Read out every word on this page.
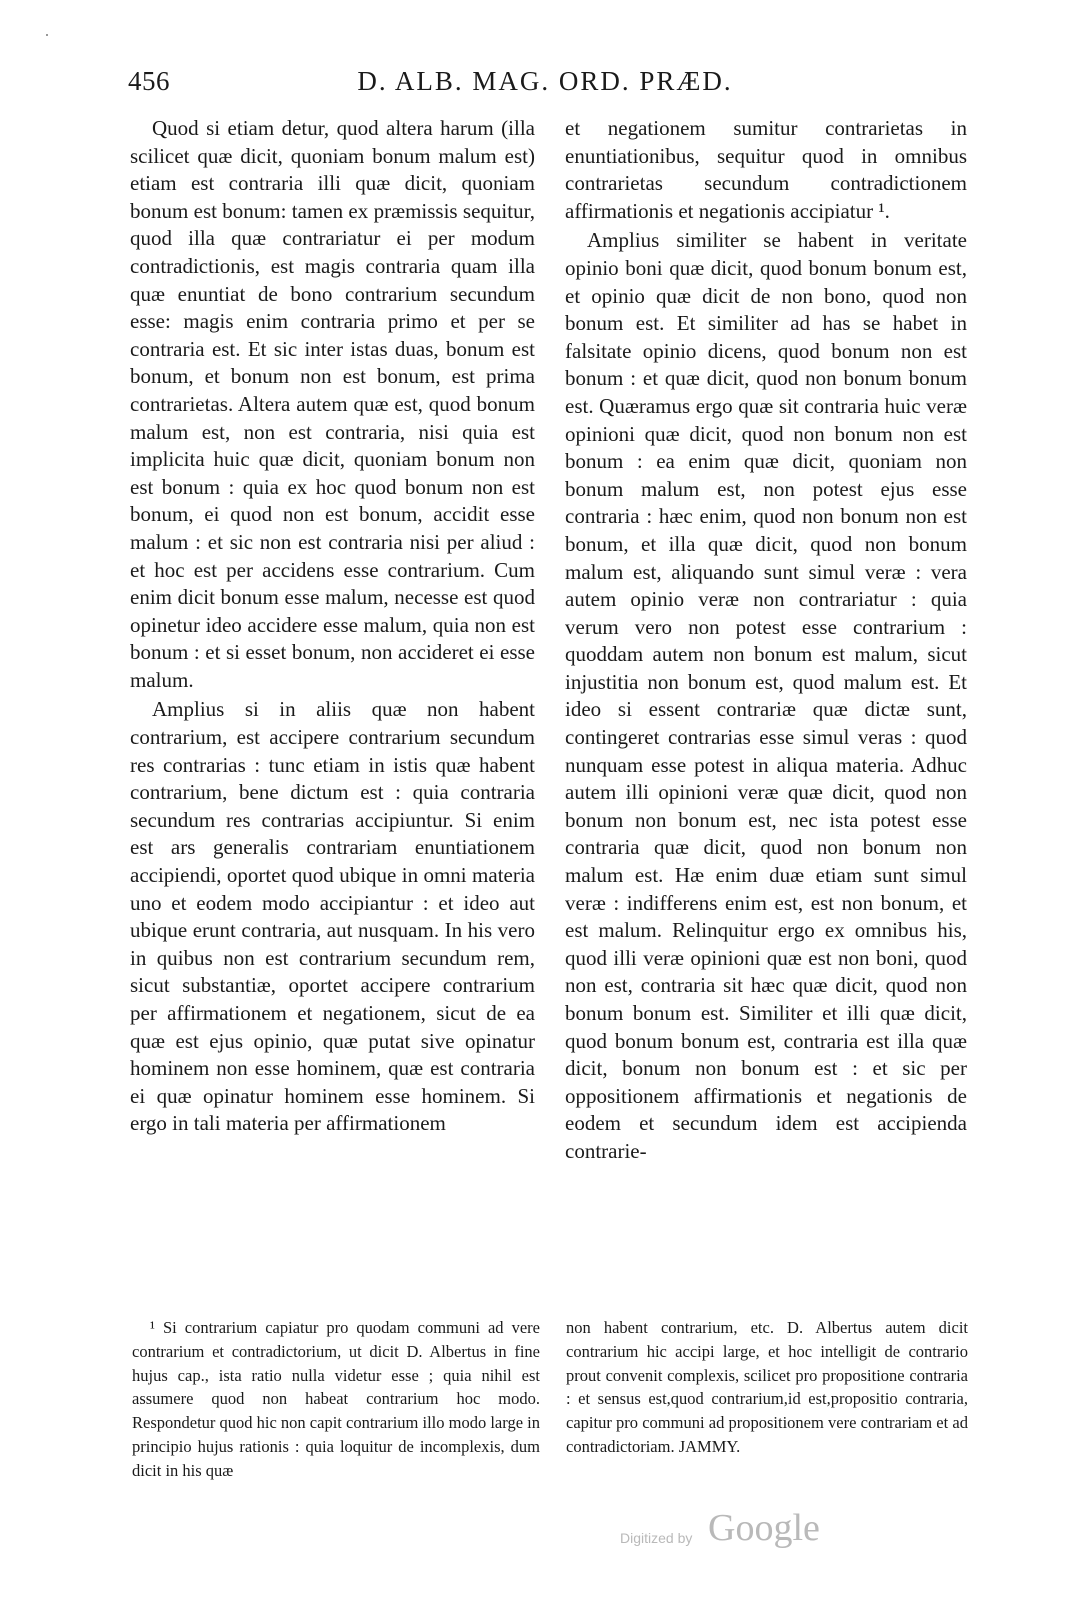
456	D. ALB. MAG. ORD. PRÆD.

Quod si etiam detur, quod altera harum (illa scilicet quæ dicit, quoniam bonum malum est) etiam est contraria illi quæ dicit, quoniam bonum est bonum: tamen ex præmissis sequitur, quod illa quæ contrariatur ei per modum contradictionis, est magis contraria quam illa quæ enuntiat de bono contrarium secundum esse: magis enim contraria primo et per se contraria est. Et sic inter istas duas, bonum est bonum, et bonum non est bonum, est prima contrarietas. Altera autem quæ est, quod bonum malum est, non est contraria, nisi quia est implicita huic quæ dicit, quoniam bonum non est bonum : quia ex hoc quod bonum non est bonum, ei quod non est bonum, accidit esse malum : et sic non est contraria nisi per aliud : et hoc est per accidens esse contrarium. Cum enim dicit bonum esse malum, necesse est quod opinetur ideo accidere esse malum, quia non est bonum : et si esset bonum, non accideret ei esse malum.

Amplius si in aliis quæ non habent contrarium, est accipere contrarium secundum res contrarias : tunc etiam in istis quæ habent contrarium, bene dictum est : quia contraria secundum res contrarias accipiuntur. Si enim est ars generalis contrariam enuntiationem accipiendi, oportet quod ubique in omni materia uno et eodem modo accipiantur : et ideo aut ubique erunt contraria, aut nusquam. In his vero in quibus non est contrarium secundum rem, sicut substantiæ, oportet accipere contrarium per affirmationem et negationem, sicut de ea quæ est ejus opinio, quæ putat sive opinatur hominem non esse hominem, quæ est contraria ei quæ opinatur hominem esse hominem. Si ergo in tali materia per affirmationem

et negationem sumitur contrarietas in enuntiationibus, sequitur quod in omnibus contrarietas secundum contradictionem affirmationis et negationis accipiatur ¹.

Amplius similiter se habent in veritate opinio boni quæ dicit, quod bonum bonum est, et opinio quæ dicit de non bono, quod non bonum est. Et similiter ad has se habet in falsitate opinio dicens, quod bonum non est bonum : et quæ dicit, quod non bonum bonum est. Quæramus ergo quæ sit contraria huic veræ opinioni quæ dicit, quod non bonum non est bonum : ea enim quæ dicit, quoniam non bonum malum est, non potest ejus esse contraria : hæc enim, quod non bonum non est bonum, et illa quæ dicit, quod non bonum malum est, aliquando sunt simul veræ : vera autem opinio veræ non contrariatur : quia verum vero non potest esse contrarium : quoddam autem non bonum est malum, sicut injustitia non bonum est, quod malum est. Et ideo si essent contrariæ quæ dictæ sunt, contingeret contrarias esse simul veras : quod nunquam esse potest in aliqua materia. Adhuc autem illi opinioni veræ quæ dicit, quod non bonum non bonum est, nec ista potest esse contraria quæ dicit, quod non bonum non malum est. Hæ enim duæ etiam sunt simul veræ : indifferens enim est, est non bonum, et est malum. Relinquitur ergo ex omnibus his, quod illi veræ opinioni quæ est non boni, quod non est, contraria sit hæc quæ dicit, quod non bonum bonum est. Similiter et illi quæ dicit, quod bonum bonum est, contraria est illa quæ dicit, bonum non bonum est : et sic per oppositionem affirmationis et negationis de eodem et secundum idem est accipienda contrarie-

¹ Si contrarium capiatur pro quodam communi ad vere contrarium et contradictorium, ut dicit D. Albertus in fine hujus cap., ista ratio nulla videtur esse ; quia nihil est assumere quod non habeat contrarium hoc modo. Respondetur quod hic non capit contrarium illo modo large in principio hujus rationis : quia loquitur de incomplexis, dum dicit in his quæ

non habent contrarium, etc. D. Albertus autem dicit contrarium hic accipi large, et hoc intelligit de contrario prout convenit complexis, scilicet pro propositione contraria : et sensus est,quod contrarium,id est,propositio contraria, capitur pro communi ad propositionem vere contrariam et ad contradictoriam. JAMMY.

Digitized by Google
